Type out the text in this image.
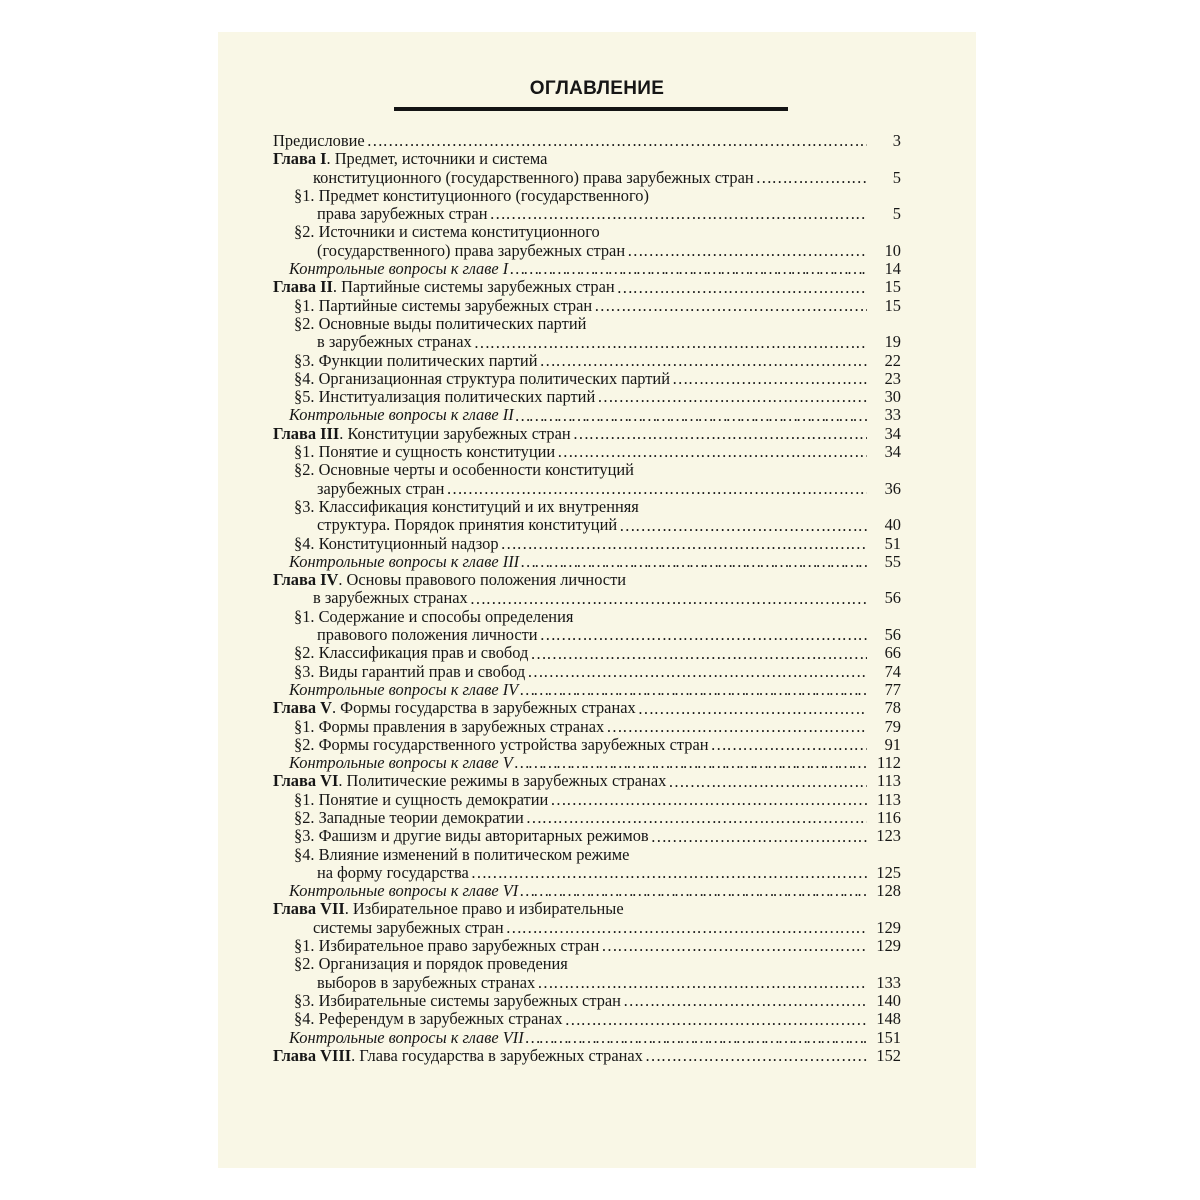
ОГЛАВЛЕНИЕ
Предисловие ……………………………………………………………………………………………………………………………………………………………………………………………………………	3
Глава I. Предмет, источники и система
конституционного (государственного) права зарубежных стран ……………………………………………………………………………………………………………………………………………………………………………………………………………	5
§1. Предмет конституционного (государственного)
права зарубежных стран ……………………………………………………………………………………………………………………………………………………………………………………………………………	5
§2. Источники и система конституционного
(государственного) права зарубежных стран ……………………………………………………………………………………………………………………………………………………………………………………………………………	10
Контрольные вопросы к главе I ……………………………………………………………………………………………………………………………………………………………………………………………………………	14
Глава II. Партийные системы зарубежных стран ……………………………………………………………………………………………………………………………………………………………………………………………………………	15
§1. Партийные системы зарубежных стран ……………………………………………………………………………………………………………………………………………………………………………………………………………	15
§2. Основные выды политических партий
в зарубежных странах ……………………………………………………………………………………………………………………………………………………………………………………………………………	19
§3. Функции политических партий ……………………………………………………………………………………………………………………………………………………………………………………………………………	22
§4. Организационная структура политических партий ……………………………………………………………………………………………………………………………………………………………………………………………………………	23
§5. Институализация политических партий ……………………………………………………………………………………………………………………………………………………………………………………………………………	30
Контрольные вопросы к главе II ……………………………………………………………………………………………………………………………………………………………………………………………………………	33
Глава III. Конституции зарубежных стран ……………………………………………………………………………………………………………………………………………………………………………………………………………	34
§1. Понятие и сущность конституции ……………………………………………………………………………………………………………………………………………………………………………………………………………	34
§2. Основные черты и особенности конституций
зарубежных стран ……………………………………………………………………………………………………………………………………………………………………………………………………………	36
§3. Классификация конституций и их внутренняя
структура. Порядок принятия конституций ……………………………………………………………………………………………………………………………………………………………………………………………………………	40
§4. Конституционный надзор ……………………………………………………………………………………………………………………………………………………………………………………………………………	51
Контрольные вопросы к главе III ……………………………………………………………………………………………………………………………………………………………………………………………………………	55
Глава IV. Основы правового положения личности
в зарубежных странах ……………………………………………………………………………………………………………………………………………………………………………………………………………	56
§1. Содержание и способы определения
правового положения личности ……………………………………………………………………………………………………………………………………………………………………………………………………………	56
§2. Классификация прав и свобод ……………………………………………………………………………………………………………………………………………………………………………………………………………	66
§3. Виды гарантий прав и свобод ……………………………………………………………………………………………………………………………………………………………………………………………………………	74
Контрольные вопросы к главе IV ……………………………………………………………………………………………………………………………………………………………………………………………………………	77
Глава V. Формы государства в зарубежных странах ……………………………………………………………………………………………………………………………………………………………………………………………………………	78
§1. Формы правления в зарубежных странах ……………………………………………………………………………………………………………………………………………………………………………………………………………	79
§2. Формы государственного устройства зарубежных стран ……………………………………………………………………………………………………………………………………………………………………………………………………………	91
Контрольные вопросы к главе V ……………………………………………………………………………………………………………………………………………………………………………………………………………	112
Глава VI. Политические режимы в зарубежных странах ……………………………………………………………………………………………………………………………………………………………………………………………………………	113
§1. Понятие и сущность демократии ……………………………………………………………………………………………………………………………………………………………………………………………………………	113
§2. Западные теории демократии ……………………………………………………………………………………………………………………………………………………………………………………………………………	116
§3. Фашизм и другие виды авторитарных режимов ……………………………………………………………………………………………………………………………………………………………………………………………………………	123
§4. Влияние изменений в политическом режиме
на форму государства ……………………………………………………………………………………………………………………………………………………………………………………………………………	125
Контрольные вопросы к главе VI ……………………………………………………………………………………………………………………………………………………………………………………………………………	128
Глава VII. Избирательное право и избирательные
системы зарубежных стран ……………………………………………………………………………………………………………………………………………………………………………………………………………	129
§1. Избирательное право зарубежных стран ……………………………………………………………………………………………………………………………………………………………………………………………………………	129
§2. Организация и порядок проведения
выборов в зарубежных странах ……………………………………………………………………………………………………………………………………………………………………………………………………………	133
§3. Избирательные системы зарубежных стран ……………………………………………………………………………………………………………………………………………………………………………………………………………	140
§4. Референдум в зарубежных странах ……………………………………………………………………………………………………………………………………………………………………………………………………………	148
Контрольные вопросы к главе VII ……………………………………………………………………………………………………………………………………………………………………………………………………………	151
Глава VIII. Глава государства в зарубежных странах ……………………………………………………………………………………………………………………………………………………………………………………………………………	152
